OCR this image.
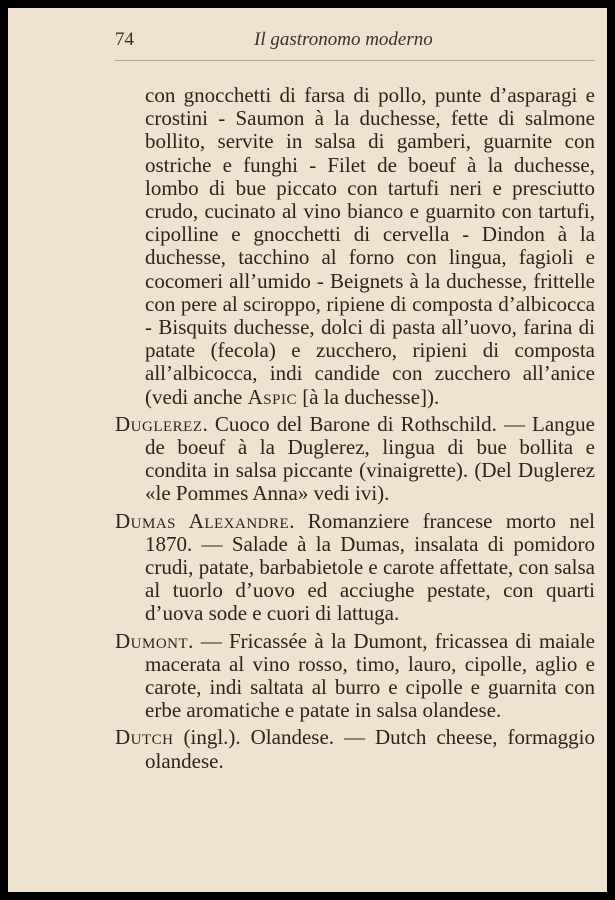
74	Il gastronomo moderno

con gnocchetti di farsa di pollo, punte d’asparagi e crostini - Saumon à la duchesse, fette di salmone bollito, servite in salsa di gamberi, guarnite con ostriche e funghi - Filet de boeuf à la duchesse, lombo di bue piccato con tartufi neri e presciutto crudo, cucinato al vino bianco e guarnito con tartufi, cipolline e gnocchetti di cervella - Dindon à la duchesse, tacchino al forno con lingua, fagioli e cocomeri all’umido - Beignets à la duchesse, frittelle con pere al sciroppo, ripiene di composta d’albicocca - Bisquits duchesse, dolci di pasta all’uovo, farina di patate (fecola) e zucchero, ripieni di composta all’albicocca, indi candide con zucchero all’anice (vedi anche Aspic [à la duchesse]).

Duglerez. Cuoco del Barone di Rothschild. — Langue de boeuf à la Duglerez, lingua di bue bollita e condita in salsa piccante (vinaigrette). (Del Duglerez «le Pommes Anna» vedi ivi).

Dumas Alexandre. Romanziere francese morto nel 1870. — Salade à la Dumas, insalata di pomidoro crudi, patate, barbabietole e carote affettate, con salsa al tuorlo d’uovo ed acciughe pestate, con quarti d’uova sode e cuori di lattuga.

Dumont. — Fricassée à la Dumont, fricassea di maiale macerata al vino rosso, timo, lauro, cipolle, aglio e carote, indi saltata al burro e cipolle e guarnita con erbe aromatiche e patate in salsa olandese.

Dutch (ingl.). Olandese. — Dutch cheese, formaggio olandese.
